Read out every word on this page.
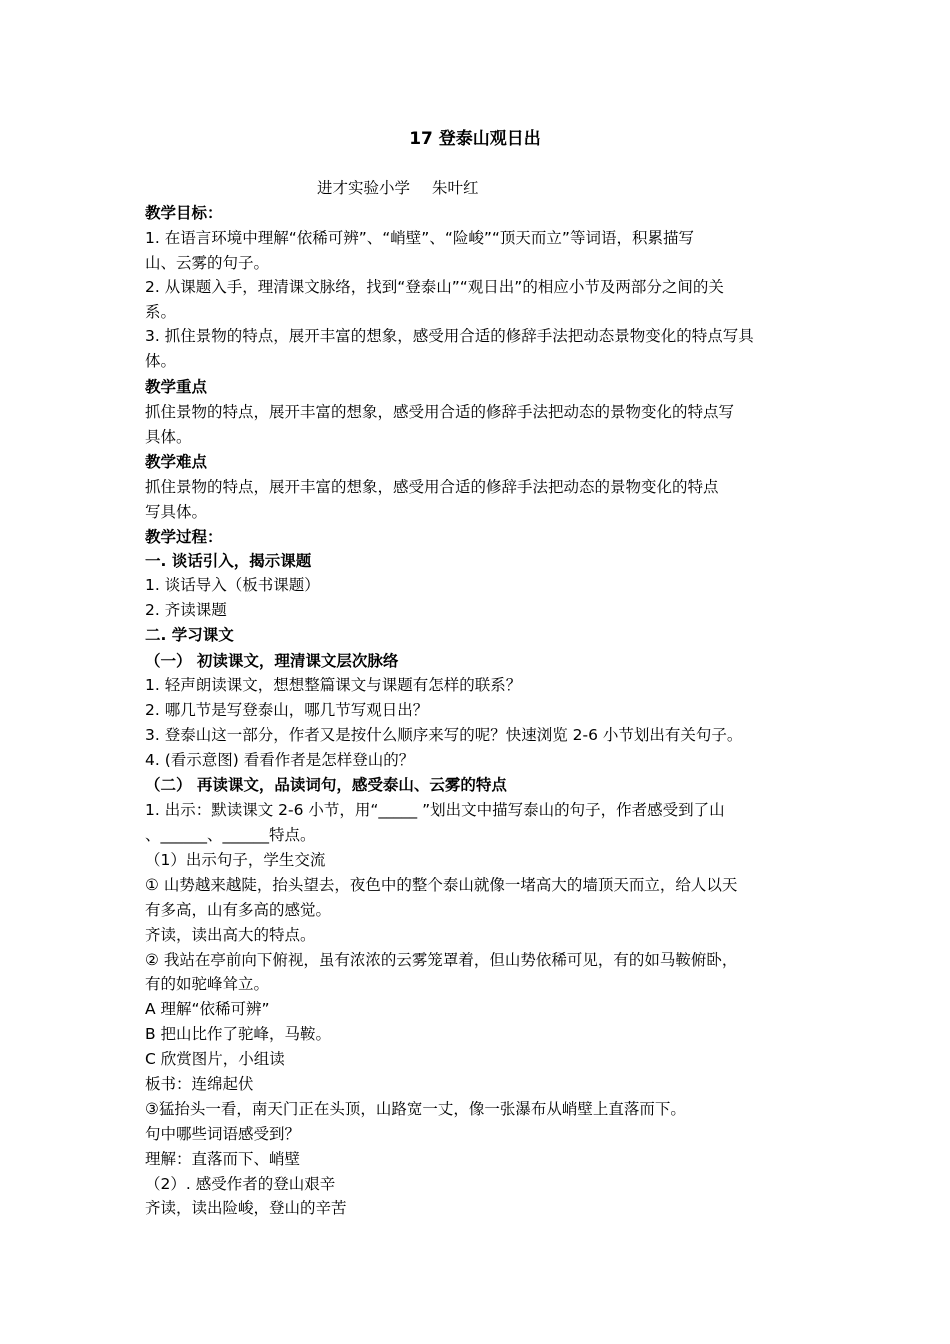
17 登泰山观日出
进才实验小学 朱叶红
教学目标：
1. 在语言环境中理解“依稀可辨”、“峭壁”、“险峻”“顶天而立”等词语，积累描写
山、云雾的句子。
2. 从课题入手，理清课文脉络，找到“登泰山”“观日出”的相应小节及两部分之间的关
系。
3. 抓住景物的特点，展开丰富的想象，感受用合适的修辞手法把动态景物变化的特点写具
体。
教学重点
抓住景物的特点，展开丰富的想象，感受用合适的修辞手法把动态的景物变化的特点写
具体。
教学难点
抓住景物的特点，展开丰富的想象，感受用合适的修辞手法把动态的景物变化的特点
写具体。
教学过程：
一. 谈话引入，揭示课题
1. 谈话导入（板书课题）
2. 齐读课题
二. 学习课文
（一） 初读课文，理清课文层次脉络
1. 轻声朗读课文，想想整篇课文与课题有怎样的联系？
2. 哪几节是写登泰山，哪几节写观日出？
3. 登泰山这一部分，作者又是按什么顺序来写的呢？快速浏览 2-6 小节划出有关句子。
4. (看示意图) 看看作者是怎样登山的？
（二） 再读课文，品读词句，感受泰山、云雾的特点
1. 出示：默读课文 2-6 小节，用“_____ ”划出文中描写泰山的句子，作者感受到了山
、______、______特点。
（1）出示句子，学生交流
① 山势越来越陡，抬头望去，夜色中的整个泰山就像一堵高大的墙顶天而立，给人以天
有多高，山有多高的感觉。
齐读，读出高大的特点。
② 我站在亭前向下俯视，虽有浓浓的云雾笼罩着，但山势依稀可见，有的如马鞍俯卧，
有的如驼峰耸立。
A 理解“依稀可辨”
B 把山比作了驼峰，马鞍。
C 欣赏图片，小组读
板书：连绵起伏
③猛抬头一看，南天门正在头顶，山路宽一丈，像一张瀑布从峭壁上直落而下。
句中哪些词语感受到？
理解：直落而下、峭壁
（2）. 感受作者的登山艰辛
齐读，读出险峻，登山的辛苦
